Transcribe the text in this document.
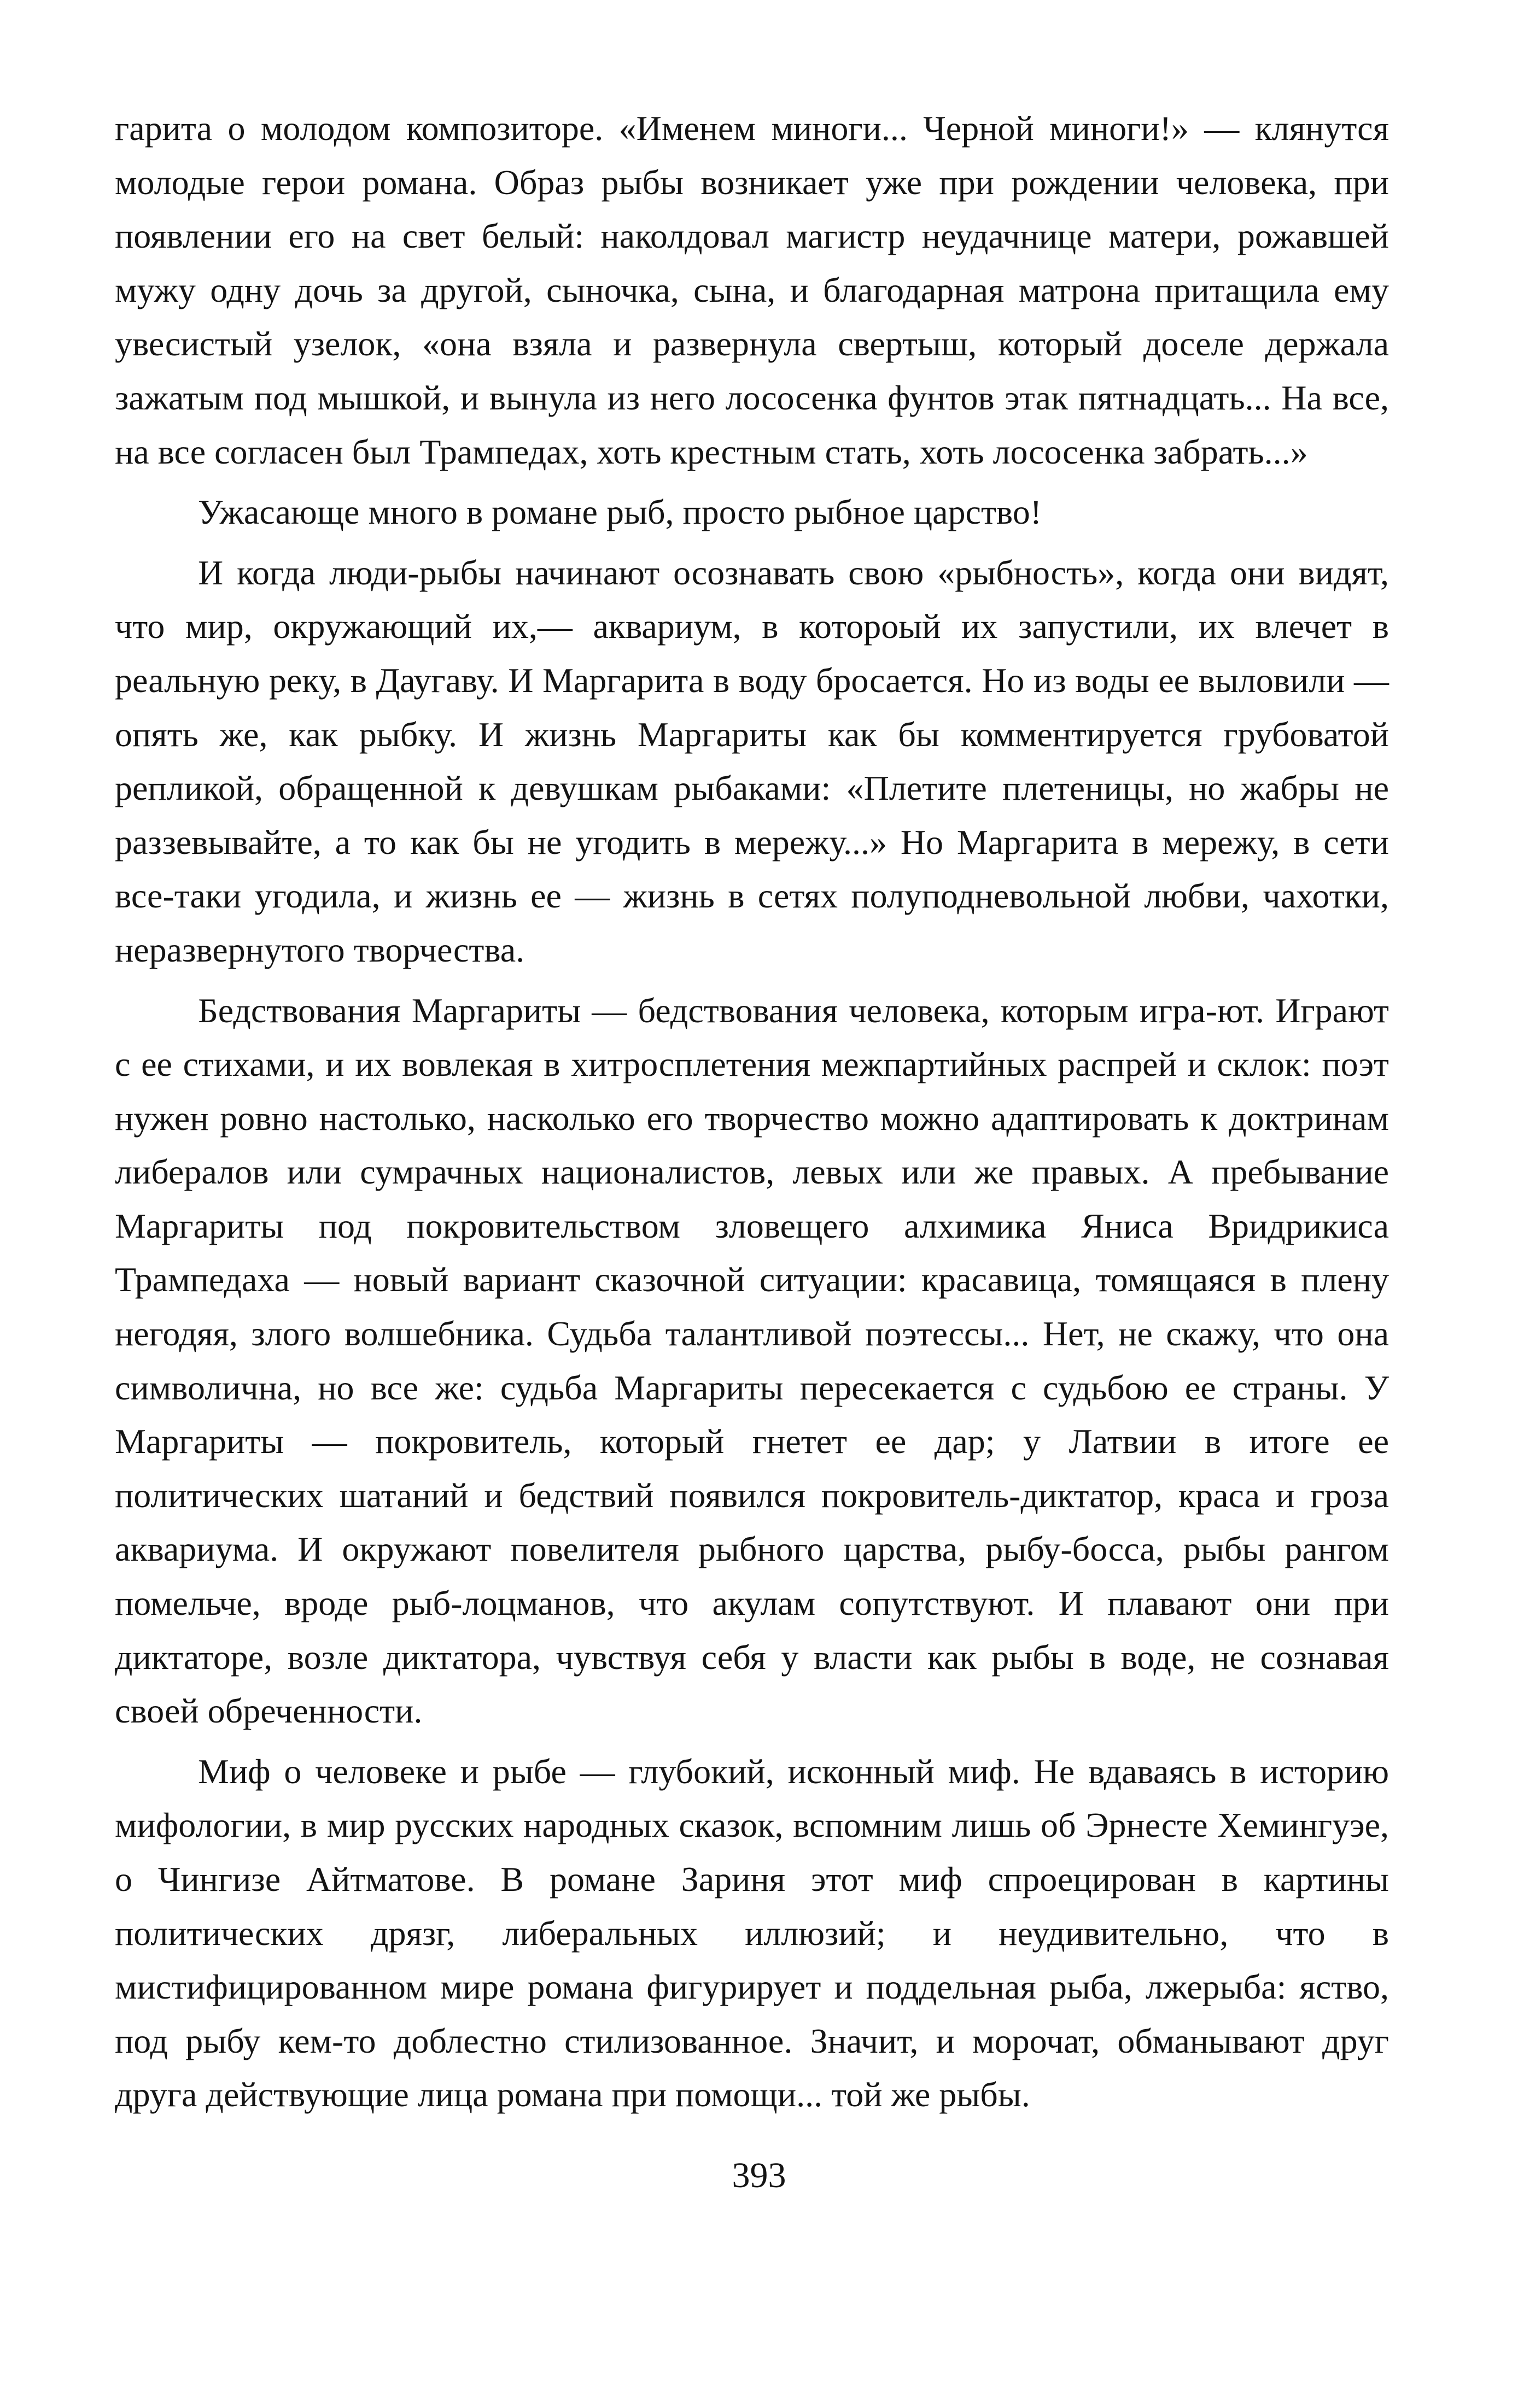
гарита о молодом композиторе. «Именем миноги... Черной миноги!» — клянутся молодые герои романа. Образ рыбы возникает уже при рождении человека, при появлении его на свет белый: наколдовал магистр неудачнице матери, рожавшей мужу одну дочь за другой, сыночка, сына, и благодарная матрона притащила ему увесистый узелок, «она взяла и развернула свертыш, который доселе держала зажатым под мышкой, и вынула из него лососенка фунтов этак пятнадцать... На все, на все согласен был Трампедах, хоть крестным стать, хоть лососенка забрать...»

Ужасающе много в романе рыб, просто рыбное царство!

И когда люди-рыбы начинают осознавать свою «рыбность», когда они видят, что мир, окружающий их,— аквариум, в котороый их запустили, их влечет в реальную реку, в Даугаву. И Маргарита в воду бросается. Но из воды ее выловили — опять же, как рыбку. И жизнь Маргариты как бы комментируется грубоватой репликой, обращенной к девушкам рыбаками: «Плетите плетеницы, но жабры не раззевывайте, а то как бы не угодить в мережу...» Но Маргарита в мережу, в сети все-таки угодила, и жизнь ее — жизнь в сетях полуподневольной любви, чахотки, неразвернутого творчества.

Бедствования Маргариты — бедствования человека, которым игра-ют. Играют с ее стихами, и их вовлекая в хитросплетения межпартийных распрей и склок: поэт нужен ровно настолько, насколько его творчество можно адаптировать к доктринам либералов или сумрачных националистов, левых или же правых. А пребывание Маргариты под покровительством зловещего алхимика Яниса Вридрикиса Трампедаха — новый вариант сказочной ситуации: красавица, томящаяся в плену негодяя, злого волшебника. Судьба талантливой поэтессы... Нет, не скажу, что она символична, но все же: судьба Маргариты пересекается с судьбою ее страны. У Маргариты — покровитель, который гнетет ее дар; у Латвии в итоге ее политических шатаний и бедствий появился покровитель-диктатор, краса и гроза аквариума. И окружают повелителя рыбного царства, рыбу-босса, рыбы рангом помельче, вроде рыб-лоцманов, что акулам сопутствуют. И плавают они при диктаторе, возле диктатора, чувствуя себя у власти как рыбы в воде, не сознавая своей обреченности.

Миф о человеке и рыбе — глубокий, исконный миф. Не вдаваясь в историю мифологии, в мир русских народных сказок, вспомним лишь об Эрнесте Хемингуэе, о Чингизе Айтматове. В романе Зариня этот миф спроецирован в картины политических дрязг, либеральных иллюзий; и неудивительно, что в мистифицированном мире романа фигурирует и поддельная рыба, лжерыба: яство, под рыбу кем-то доблестно стилизованное. Значит, и морочат, обманывают друг друга действующие лица романа при помощи... той же рыбы.

393
